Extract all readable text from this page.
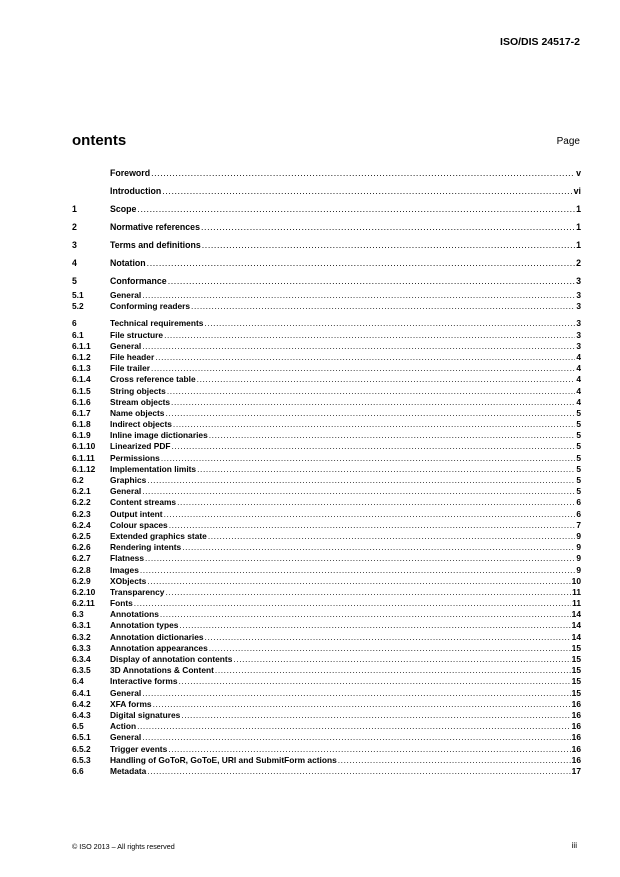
ISO/DIS 24517-2
ontents	Page
Foreword .....	v
Introduction .....	vi
1	Scope .....	1
2	Normative references .....	1
3	Terms and definitions .....	1
4	Notation .....	2
5	Conformance .....	3
5.1	General .....	3
5.2	Conforming readers .....	3
6	Technical requirements .....	3
6.1	File structure .....	3
6.1.1	General .....	3
6.1.2	File header .....	4
6.1.3	File trailer .....	4
6.1.4	Cross reference table .....	4
6.1.5	String objects .....	4
6.1.6	Stream objects .....	4
6.1.7	Name objects .....	5
6.1.8	Indirect objects .....	5
6.1.9	Inline image dictionaries .....	5
6.1.10	Linearized PDF .....	5
6.1.11	Permissions .....	5
6.1.12	Implementation limits .....	5
6.2	Graphics .....	5
6.2.1	General .....	5
6.2.2	Content streams .....	6
6.2.3	Output intent .....	6
6.2.4	Colour spaces .....	7
6.2.5	Extended graphics state .....	9
6.2.6	Rendering intents .....	9
6.2.7	Flatness .....	9
6.2.8	Images .....	9
6.2.9	XObjects .....	10
6.2.10	Transparency .....	11
6.2.11	Fonts .....	11
6.3	Annotations .....	14
6.3.1	Annotation types .....	14
6.3.2	Annotation dictionaries .....	14
6.3.3	Annotation appearances .....	15
6.3.4	Display of annotation contents .....	15
6.3.5	3D Annotations & Content .....	15
6.4	Interactive forms .....	15
6.4.1	General .....	15
6.4.2	XFA forms .....	16
6.4.3	Digital signatures .....	16
6.5	Action .....	16
6.5.1	General .....	16
6.5.2	Trigger events .....	16
6.5.3	Handling of GoToR, GoToE, URI and SubmitForm actions .....	16
6.6	Metadata .....	17
© ISO 2013 – All rights reserved	iii
